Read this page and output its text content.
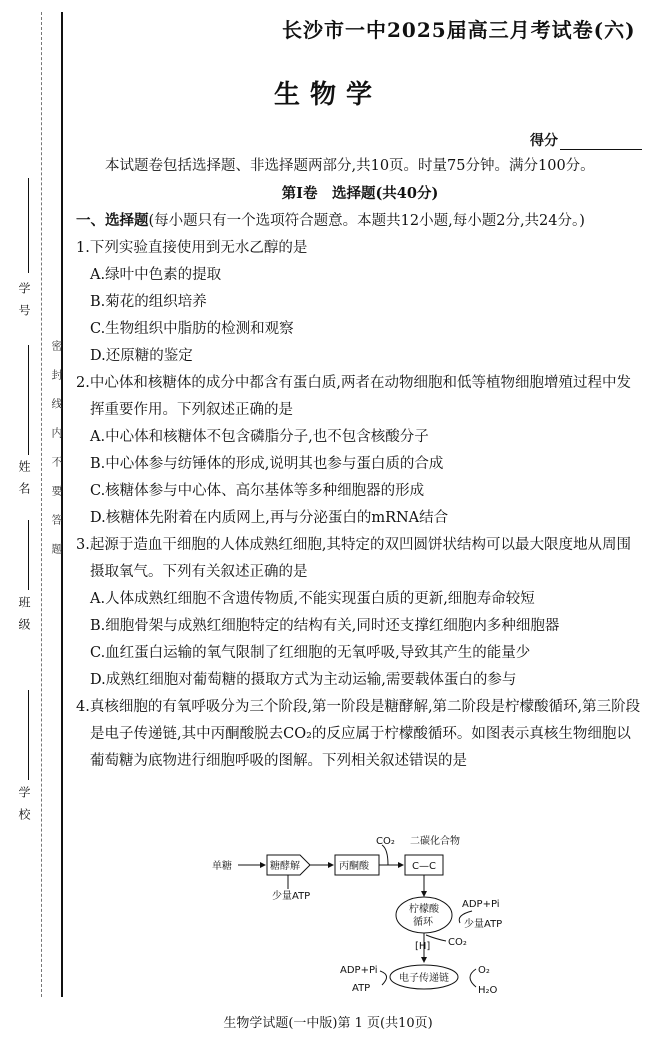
学号
姓名
班级
学校
密封线内不要答题
长沙市一中2025届高三月考试卷(六)
生物学
得分

本试题卷包括选择题、非选择题两部分,共10页。时量75分钟。满分100分。

第Ⅰ卷　选择题(共40分)

一、选择题(每小题只有一个选项符合题意。本题共12小题,每小题2分,共24分。)

1.下列实验直接使用到无水乙醇的是

A.绿叶中色素的提取

B.菊花的组织培养

C.生物组织中脂肪的检测和观察

D.还原糖的鉴定

2.中心体和核糖体的成分中都含有蛋白质,两者在动物细胞和低等植物细胞增殖过程中发挥重要作用。下列叙述正确的是

A.中心体和核糖体不包含磷脂分子,也不包含核酸分子

B.中心体参与纺锤体的形成,说明其也参与蛋白质的合成

C.核糖体参与中心体、高尔基体等多种细胞器的形成

D.核糖体先附着在内质网上,再与分泌蛋白的mRNA结合

3.起源于造血干细胞的人体成熟红细胞,其特定的双凹圆饼状结构可以最大限度地从周围摄取氧气。下列有关叙述正确的是

A.人体成熟红细胞不含遗传物质,不能实现蛋白质的更新,细胞寿命较短

B.细胞骨架与成熟红细胞特定的结构有关,同时还支撑红细胞内多种细胞器

C.血红蛋白运输的氧气限制了红细胞的无氧呼吸,导致其产生的能量少

D.成熟红细胞对葡萄糖的摄取方式为主动运输,需要载体蛋白的参与

4.真核细胞的有氧呼吸分为三个阶段,第一阶段是糖酵解,第二阶段是柠檬酸循环,第三阶段是电子传递链,其中丙酮酸脱去CO₂的反应属于柠檬酸循环。如图表示真核生物细胞以葡萄糖为底物进行细胞呼吸的图解。下列相关叙述错误的是

单糖	糖酵解
少量ATP
丙酮酸
CO₂ 二碳化合物
C—C
柠檬酸
循环
ADP+Pi
少量ATP
[H] CO₂
电子传递链
ADP+Pi
ATP
O₂
H₂O
生物学试题(一中版)第 1 页(共10页)
